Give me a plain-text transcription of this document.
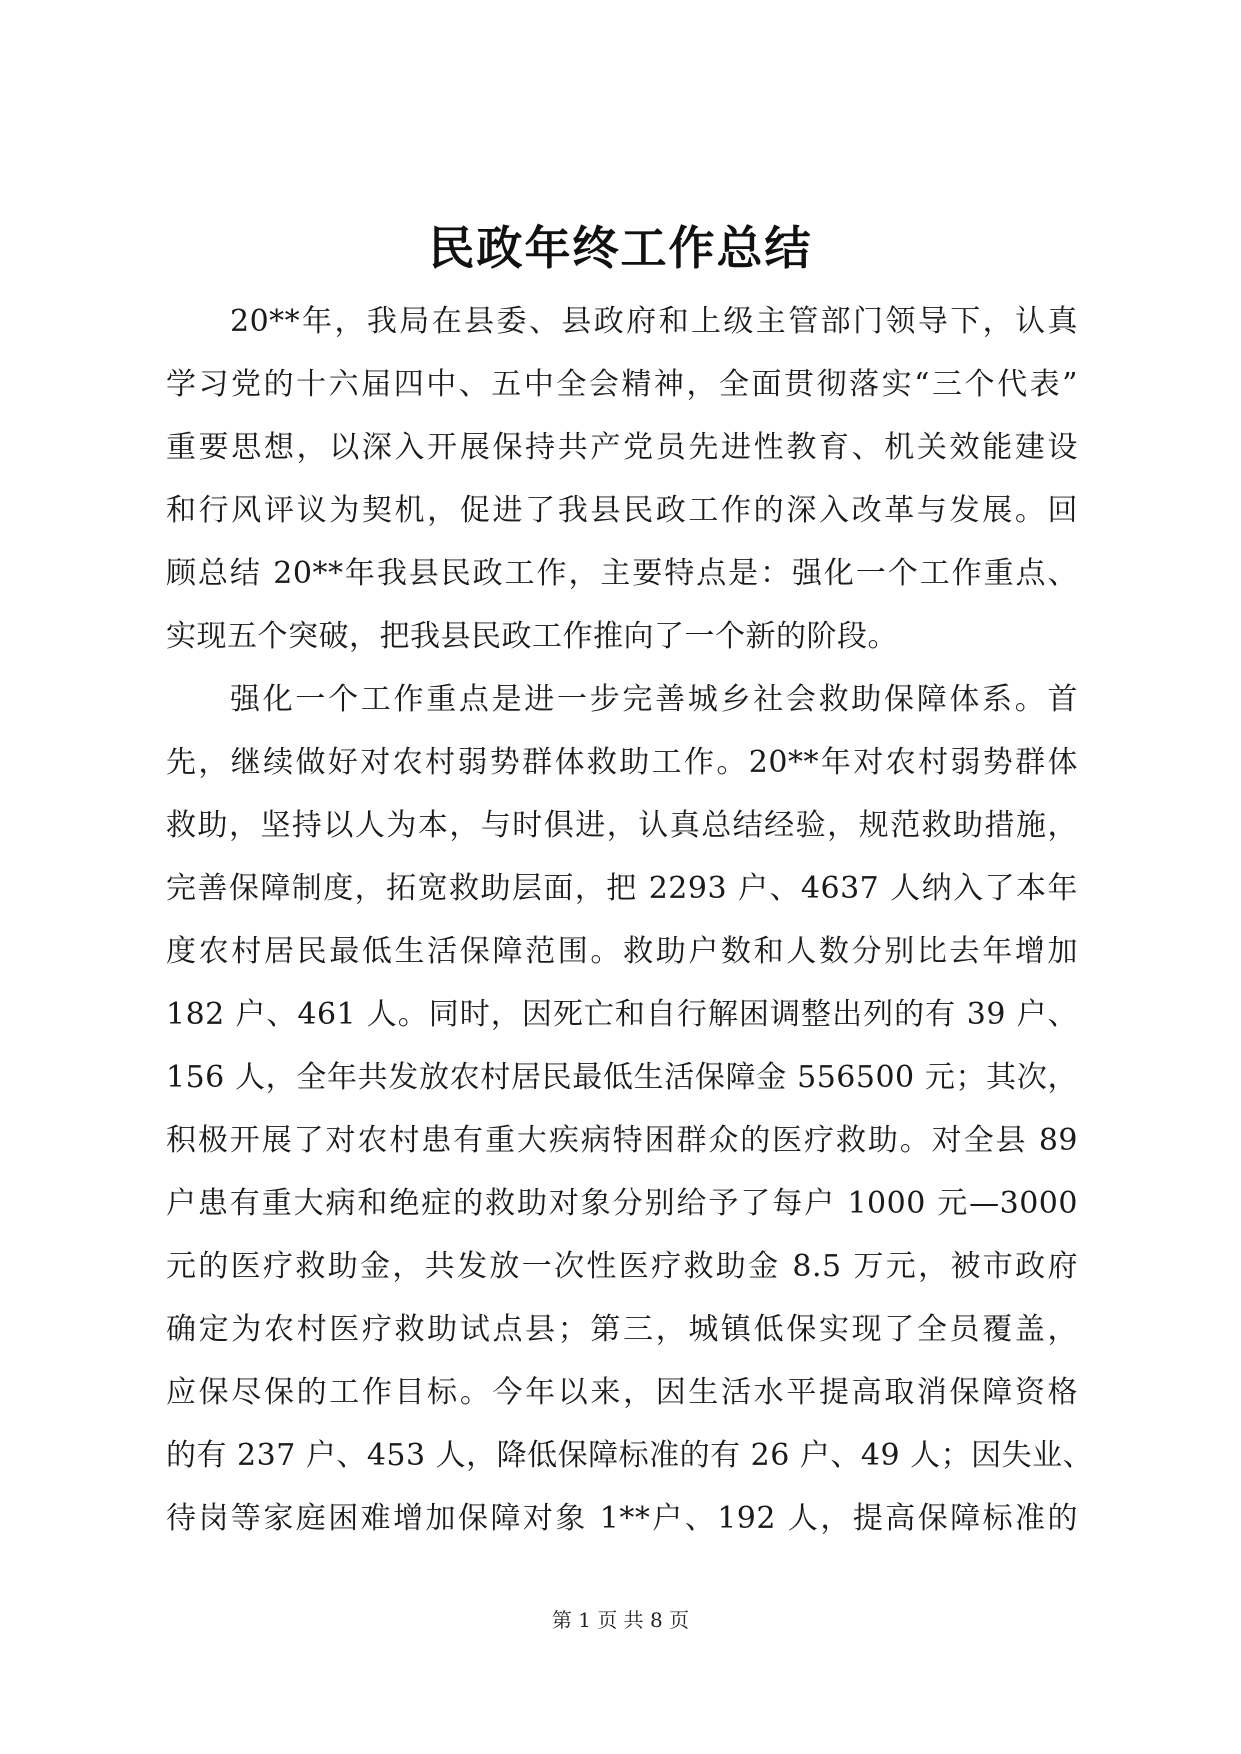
民政年终工作总结
20**年，我局在县委、县政府和上级主管部门领导下，认真
学习党的十六届四中、五中全会精神，全面贯彻落实“三个代表”
重要思想，以深入开展保持共产党员先进性教育、机关效能建设
和行风评议为契机，促进了我县民政工作的深入改革与发展。回
顾总结 20**年我县民政工作，主要特点是：强化一个工作重点、
实现五个突破，把我县民政工作推向了一个新的阶段。
强化一个工作重点是进一步完善城乡社会救助保障体系。首
先，继续做好对农村弱势群体救助工作。20**年对农村弱势群体
救助，坚持以人为本，与时俱进，认真总结经验，规范救助措施，
完善保障制度，拓宽救助层面，把 2293 户、4637 人纳入了本年
度农村居民最低生活保障范围。救助户数和人数分别比去年增加
182 户、461 人。同时，因死亡和自行解困调整出列的有 39 户、
156 人，全年共发放农村居民最低生活保障金 556500 元；其次，
积极开展了对农村患有重大疾病特困群众的医疗救助。对全县 89
户患有重大病和绝症的救助对象分别给予了每户 1000 元—3000
元的医疗救助金，共发放一次性医疗救助金 8.5 万元，被市政府
确定为农村医疗救助试点县；第三，城镇低保实现了全员覆盖，
应保尽保的工作目标。今年以来，因生活水平提高取消保障资格
的有 237 户、453 人，降低保障标准的有 26 户、49 人；因失业、
待岗等家庭困难增加保障对象 1**户、192 人，提高保障标准的
第 1 页 共 8 页
